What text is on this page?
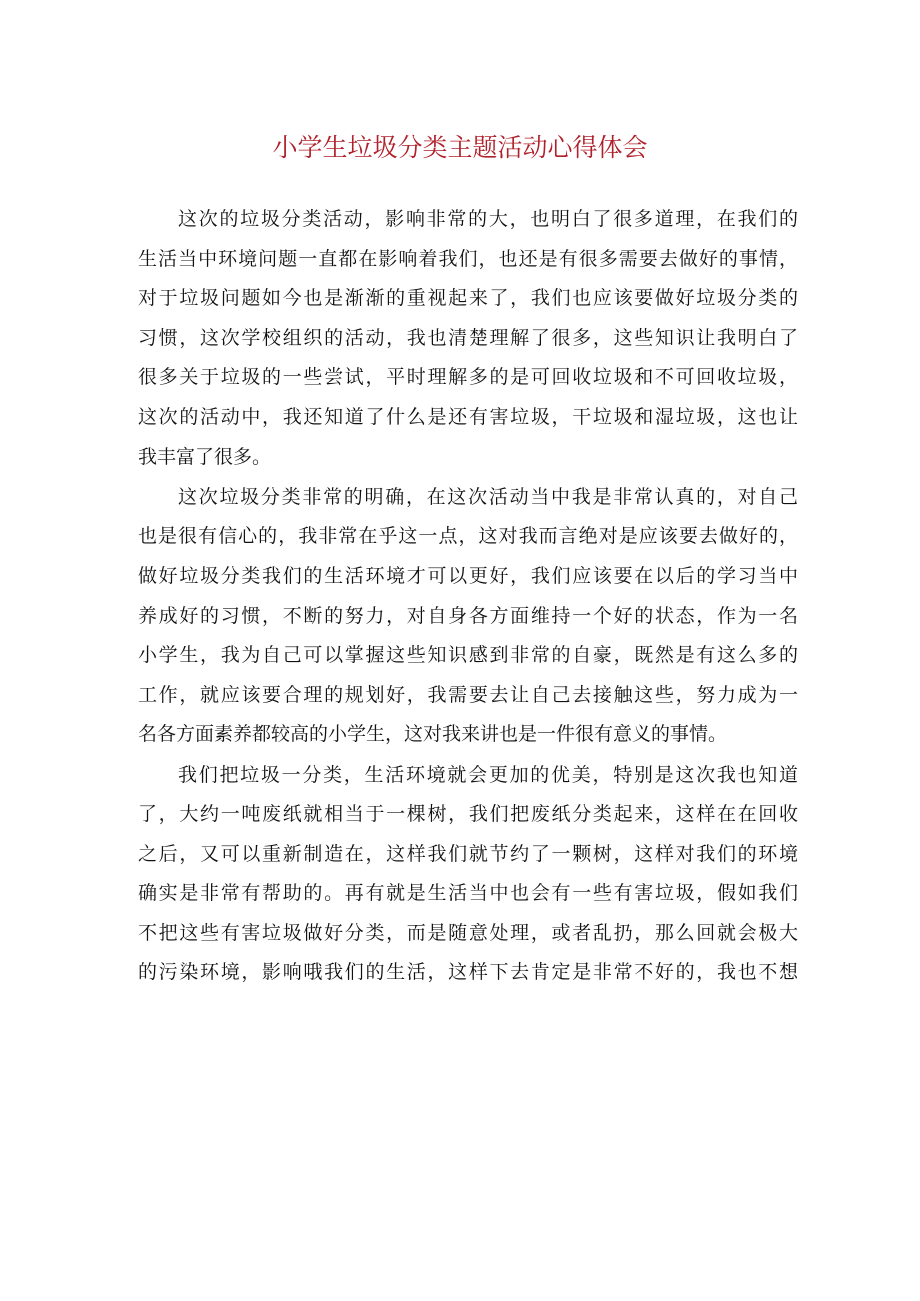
小学生垃圾分类主题活动心得体会
这次的垃圾分类活动，影响非常的大，也明白了很多道理，在我们的
生活当中环境问题一直都在影响着我们，也还是有很多需要去做好的事情，
对于垃圾问题如今也是渐渐的重视起来了，我们也应该要做好垃圾分类的
习惯，这次学校组织的活动，我也清楚理解了很多，这些知识让我明白了
很多关于垃圾的一些尝试，平时理解多的是可回收垃圾和不可回收垃圾，
这次的活动中，我还知道了什么是还有害垃圾，干垃圾和湿垃圾，这也让
我丰富了很多。
这次垃圾分类非常的明确，在这次活动当中我是非常认真的，对自己
也是很有信心的，我非常在乎这一点，这对我而言绝对是应该要去做好的，
做好垃圾分类我们的生活环境才可以更好，我们应该要在以后的学习当中
养成好的习惯，不断的努力，对自身各方面维持一个好的状态，作为一名
小学生，我为自己可以掌握这些知识感到非常的自豪，既然是有这么多的
工作，就应该要合理的规划好，我需要去让自己去接触这些，努力成为一
名各方面素养都较高的小学生，这对我来讲也是一件很有意义的事情。
我们把垃圾一分类，生活环境就会更加的优美，特别是这次我也知道
了，大约一吨废纸就相当于一棵树，我们把废纸分类起来，这样在在回收
之后，又可以重新制造在，这样我们就节约了一颗树，这样对我们的环境
确实是非常有帮助的。再有就是生活当中也会有一些有害垃圾，假如我们
不把这些有害垃圾做好分类，而是随意处理，或者乱扔，那么回就会极大
的污染环境，影响哦我们的生活，这样下去肯定是非常不好的，我也不想
